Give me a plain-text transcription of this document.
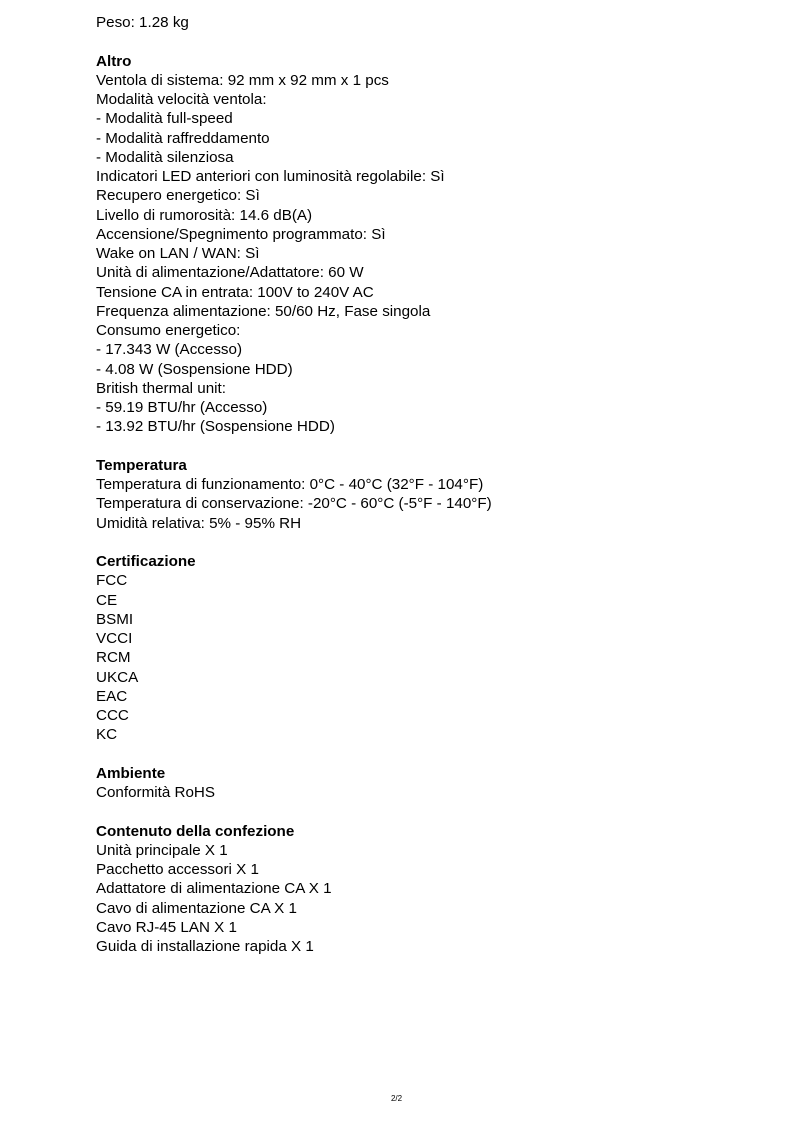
Peso: 1.28 kg
Altro
Ventola di sistema: 92 mm x 92 mm x 1 pcs
Modalità velocità ventola:
- Modalità full-speed
- Modalità raffreddamento
- Modalità silenziosa
Indicatori LED anteriori con luminosità regolabile: Sì
Recupero energetico: Sì
Livello di rumorosità: 14.6 dB(A)
Accensione/Spegnimento programmato: Sì
Wake on LAN / WAN: Sì
Unità di alimentazione/Adattatore: 60 W
Tensione CA in entrata: 100V to 240V AC
Frequenza alimentazione: 50/60 Hz, Fase singola
Consumo energetico:
- 17.343 W (Accesso)
- 4.08 W (Sospensione HDD)
British thermal unit:
- 59.19 BTU/hr (Accesso)
- 13.92 BTU/hr (Sospensione HDD)
Temperatura
Temperatura di funzionamento: 0°C - 40°C (32°F - 104°F)
Temperatura di conservazione: -20°C - 60°C (-5°F - 140°F)
Umidità relativa: 5% - 95% RH
Certificazione
FCC
CE
BSMI
VCCI
RCM
UKCA
EAC
CCC
KC
Ambiente
Conformità RoHS
Contenuto della confezione
Unità principale X 1
Pacchetto accessori X 1
Adattatore di alimentazione CA X 1
Cavo di alimentazione CA X 1
Cavo RJ-45 LAN X 1
Guida di installazione rapida X 1
2/2
